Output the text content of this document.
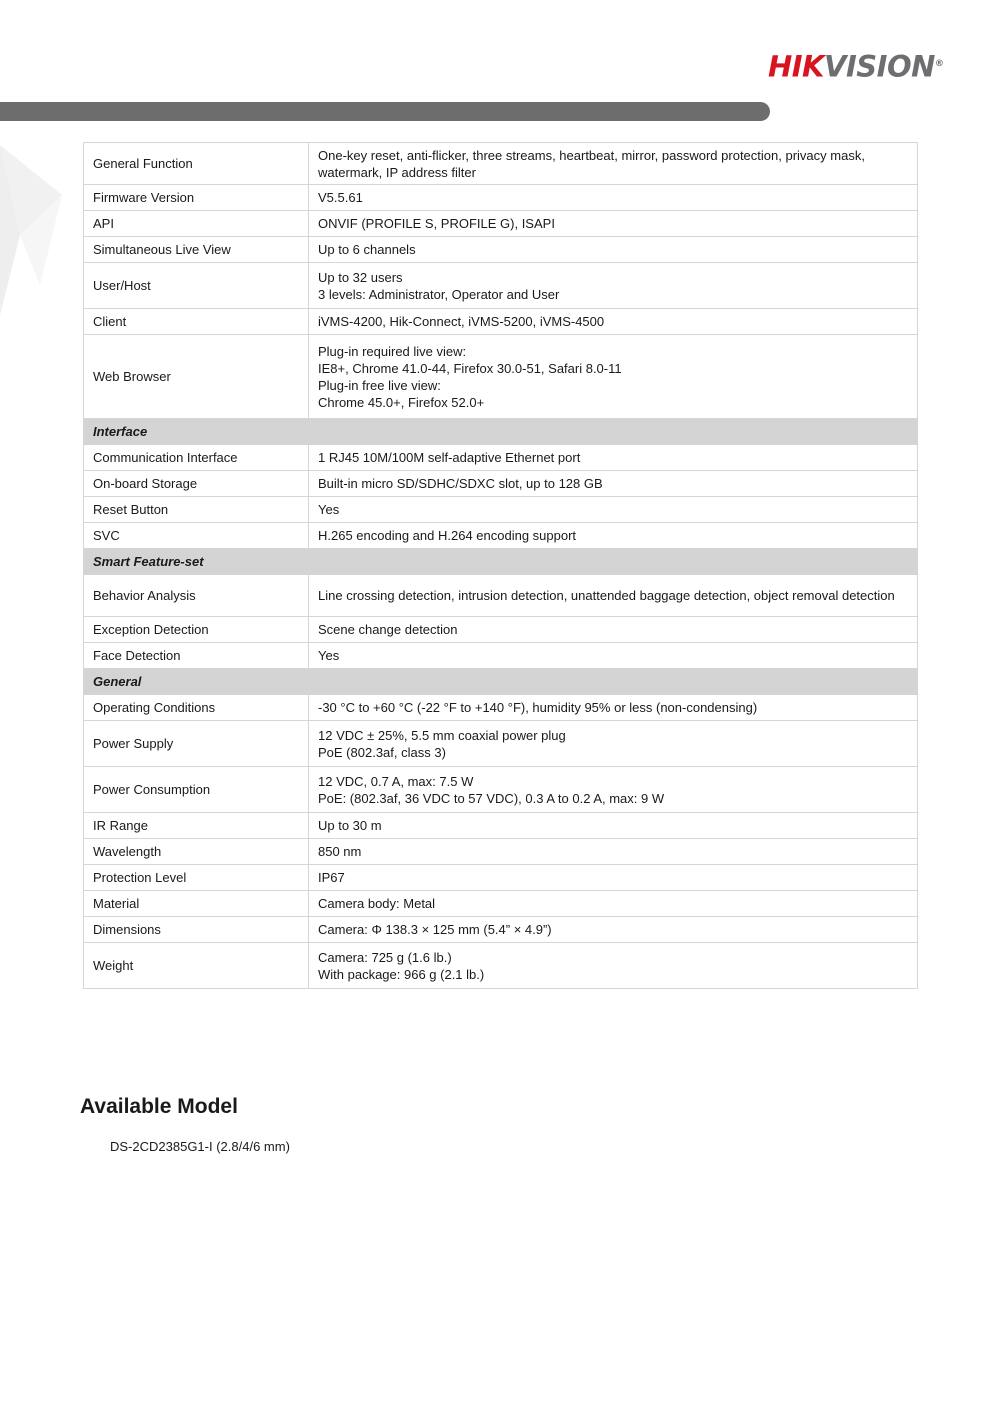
HIKVISION®
General Function	One-key reset, anti-flicker, three streams, heartbeat, mirror, password protection, privacy mask, watermark, IP address filter

Firmware Version	V5.5.61

API	ONVIF (PROFILE S, PROFILE G), ISAPI

Simultaneous Live View	Up to 6 channels

User/Host	Up to 32 users
3 levels: Administrator, Operator and User

Client	iVMS-4200, Hik-Connect, iVMS-5200, iVMS-4500

Web Browser	Plug-in required live view:
IE8+, Chrome 41.0-44, Firefox 30.0-51, Safari 8.0-11
Plug-in free live view:
Chrome 45.0+, Firefox 52.0+

Interface	
Communication Interface	1 RJ45 10M/100M self-adaptive Ethernet port

On-board Storage	Built-in micro SD/SDHC/SDXC slot, up to 128 GB

Reset Button	Yes

SVC	H.265 encoding and H.264 encoding support

Smart Feature-set	
Behavior Analysis	Line crossing detection, intrusion detection, unattended baggage detection, object removal detection

Exception Detection	Scene change detection

Face Detection	Yes

General	
Operating Conditions	-30 °C to +60 °C (-22 °F to +140 °F), humidity 95% or less (non-condensing)

Power Supply	12 VDC ± 25%, 5.5 mm coaxial power plug
PoE (802.3af, class 3)

Power Consumption	12 VDC, 0.7 A, max: 7.5 W
PoE: (802.3af, 36 VDC to 57 VDC), 0.3 A to 0.2 A, max: 9 W

IR Range	Up to 30 m

Wavelength	850 nm

Protection Level	IP67

Material	Camera body: Metal

Dimensions	Camera: Φ 138.3 × 125 mm (5.4” × 4.9”)

Weight	Camera: 725 g (1.6 lb.)
With package: 966 g (2.1 lb.)
Available Model
DS-2CD2385G1-I (2.8/4/6 mm)
